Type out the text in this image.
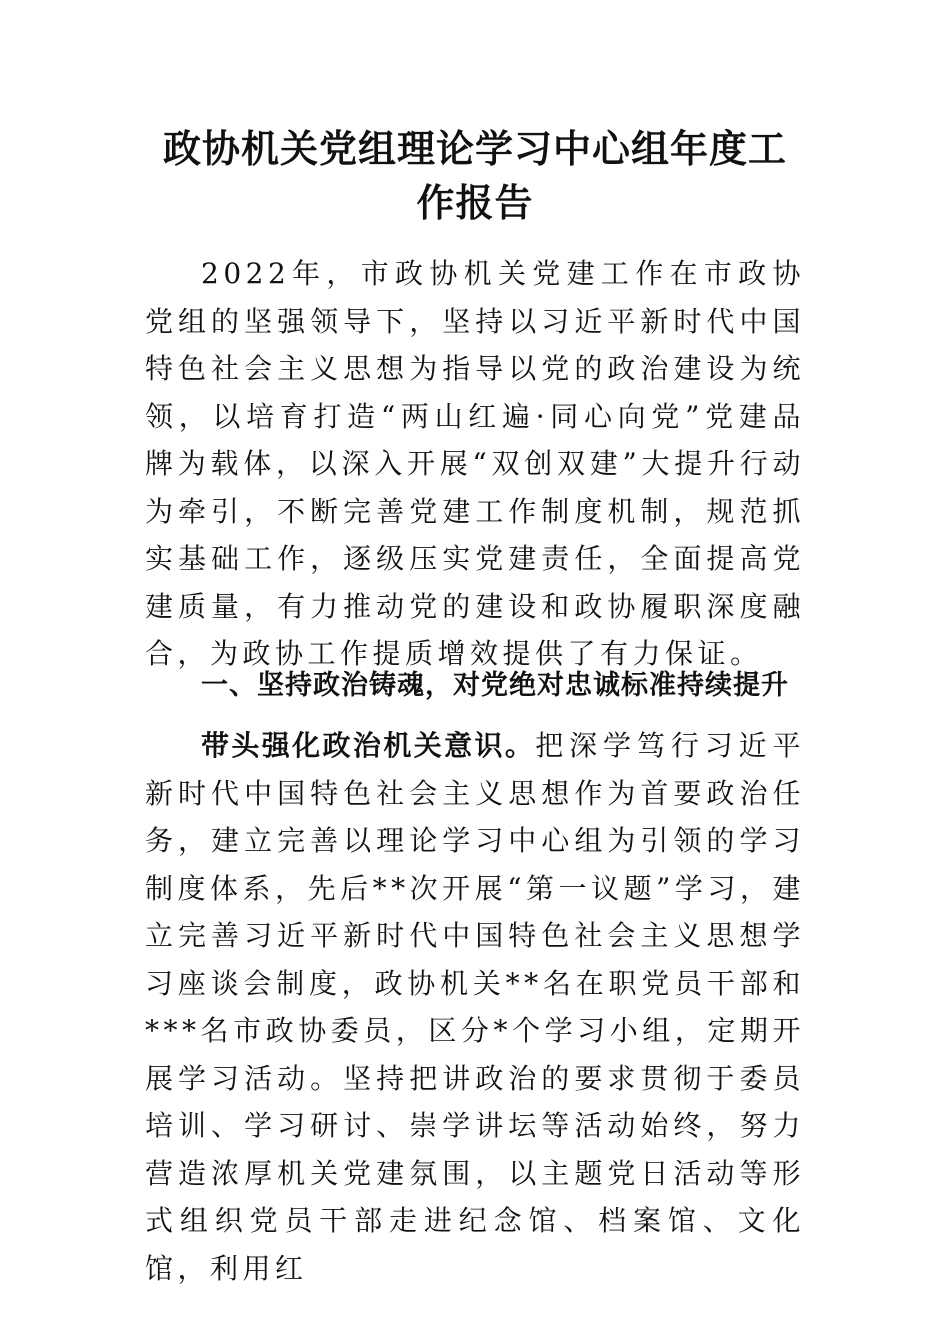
政协机关党组理论学习中心组年度工作报告

2022年，市政协机关党建工作在市政协党组的坚强领导下，坚持以习近平新时代中国特色社会主义思想为指导以党的政治建设为统领，以培育打造“两山红遍·同心向党”党建品牌为载体，以深入开展“双创双建”大提升行动为牵引，不断完善党建工作制度机制，规范抓实基础工作，逐级压实党建责任，全面提高党建质量，有力推动党的建设和政协履职深度融合，为政协工作提质增效提供了有力保证。

一、坚持政治铸魂，对党绝对忠诚标准持续提升

带头强化政治机关意识。把深学笃行习近平新时代中国特色社会主义思想作为首要政治任务，建立完善以理论学习中心组为引领的学习制度体系，先后**次开展“第一议题”学习，建立完善习近平新时代中国特色社会主义思想学习座谈会制度，政协机关**名在职党员干部和***名市政协委员，区分*个学习小组，定期开展学习活动。坚持把讲政治的要求贯彻于委员培训、学习研讨、崇学讲坛等活动始终，努力营造浓厚机关党建氛围，以主题党日活动等形式组织党员干部走进纪念馆、档案馆、文化馆，利用红
